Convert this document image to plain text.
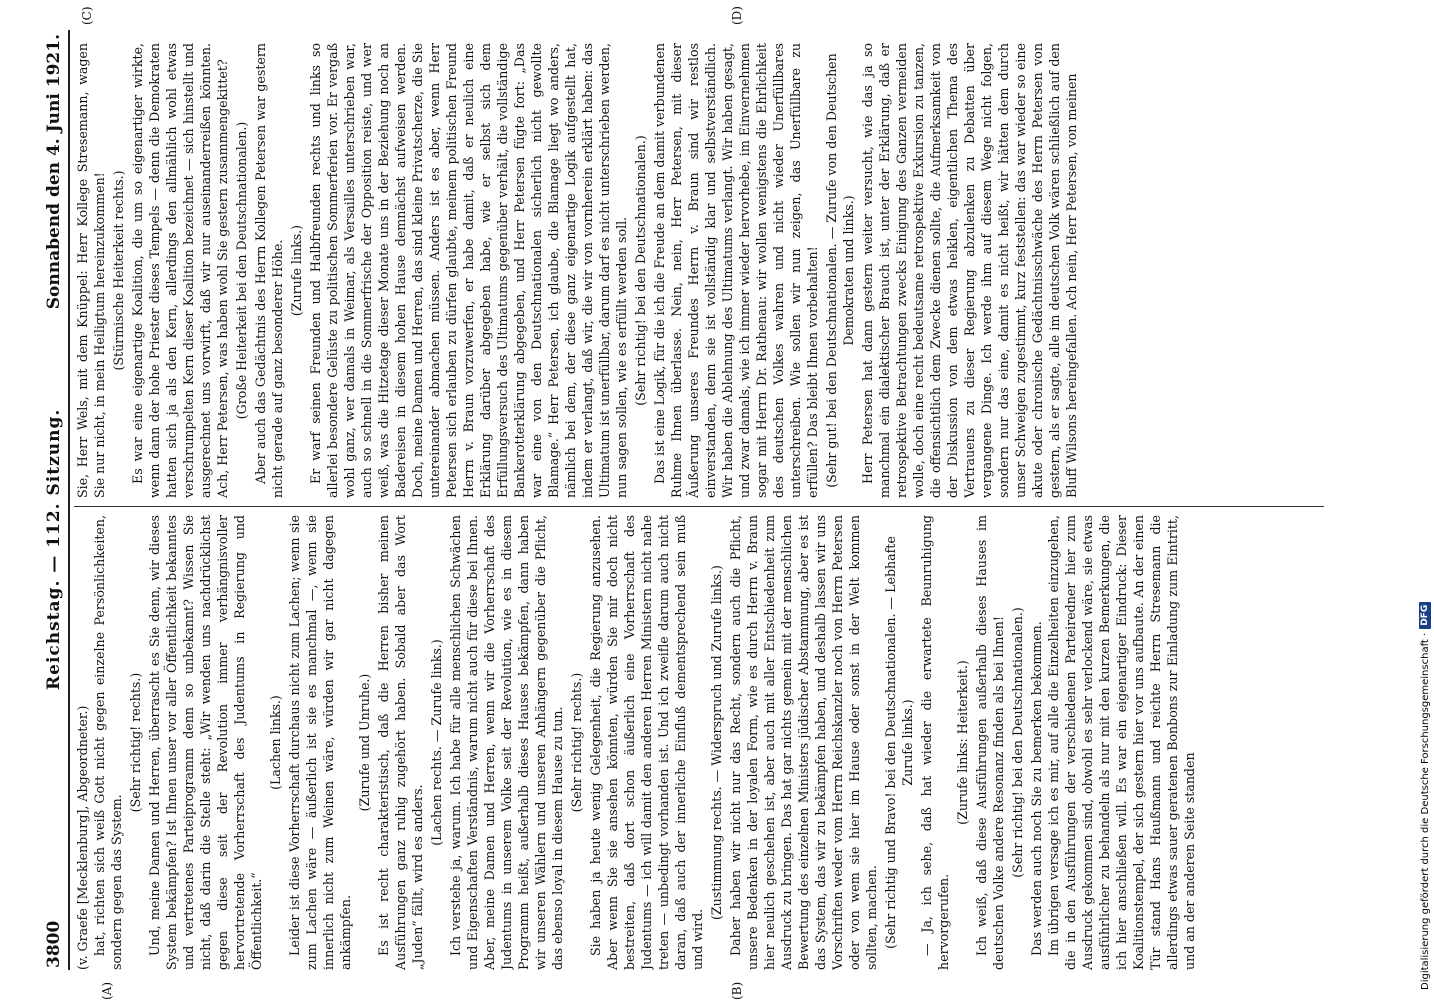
3800
Reichstag. — 112. Sitzung.
Sonnabend den 4. Juni 1921.
(A)	(B)
(C)	(D)

(v. Graefe [Mecklenburg], Abgeordneter.) hat, richten sich weiß Gott nicht gegen einzelne Persönlichkeiten, sondern gegen das System.

(Sehr richtig! rechts.) Und, meine Damen und Herren, überrascht es Sie denn, wir dieses System bekämpfen? Ist Ihnen unser vor aller Öffentlichkeit bekanntes und vertretenes Parteiprogramm denn so unbekannt? Wissen Sie nicht, daß darin die Stelle steht: „Wir wenden uns nachdrücklichst gegen diese seit der Revolution immer verhängnisvoller hervortretende Vorherrschaft des Judentums in Regierung und Öffentlichkeit.“

(Lachen links.) Leider ist diese Vorherrschaft durchaus nicht zum Lachen; wenn sie zum Lachen wäre — äußerlich ist sie es manchmal —, wenn sie innerlich nicht zum Weinen wäre, würden wir gar nicht dagegen ankämpfen.

(Zurufe und Unruhe.) Es ist recht charakteristisch, daß die Herren bisher meinen Ausführungen ganz ruhig zugehört haben. Sobald aber das Wort „Juden“ fällt, wird es anders.

(Lachen rechts. — Zurufe links.) Ich verstehe ja, warum. Ich habe für alle menschlichen Schwächen und Eigenschaften Verständnis, warum nicht auch für diese bei Ihnen. Aber, meine Damen und Herren, wenn wir die Vorherrschaft des Judentums in unserem Volke seit der Revolution, wie es in diesem Programm heißt, außerhalb dieses Hauses bekämpfen, dann haben wir unseren Wählern und unseren Anhängern gegenüber die Pflicht, das ebenso loyal in diesem Hause zu tun. (Sehr richtig! rechts.) Sie haben ja heute wenig Gelegenheit, die Regierung anzusehen. Aber wenn Sie sie ansehen könnten, würden Sie mir doch nicht bestreiten, daß dort schon äußerlich eine Vorherrschaft des Judentums — ich will damit den anderen Herren Ministern nicht nahe treten — unbedingt vorhanden ist. Und ich zweifle darum auch nicht daran, daß auch der innerliche Einfluß dementsprechend sein muß und wird.

(Zustimmung rechts. — Widerspruch und Zurufe links.) Daher haben wir nicht nur das Recht, sondern auch die Pflicht, unsere Bedenken in der loyalen Form, wie es durch Herrn v. Braun hier neulich geschehen ist, aber auch mit aller Entschiedenheit zum Ausdruck zu bringen. Das hat gar nichts gemein mit der menschlichen Bewertung des einzelnen Ministers jüdischer Abstammung, aber es ist das System, das wir zu bekämpfen haben, und deshalb lassen wir uns Vorschriften weder vom Herrn Reichskanzler noch von Herrn Petersen oder von wem sie hier im Hause oder sonst in der Welt kommen sollten, machen. (Sehr richtig und Bravo! bei den Deutschnationalen. — Lebhafte Zurufe links.) — Ja, ich sehe, daß hat wieder die erwartete Beunruhigung hervorgerufen.

(Zurufe links: Heiterkeit.) Ich weiß, daß diese Ausführungen außerhalb dieses Hauses im deutschen Volke andere Resonanz finden als bei Ihnen! (Sehr richtig! bei den Deutschnationalen.) Das werden auch noch Sie zu bemerken bekommen. Im übrigen versage ich es mir, auf alle die Einzelheiten einzugehen, die in den Ausführungen der verschiedenen Parteiredner hier zum Ausdruck gekommen sind, obwohl es sehr verlockend wäre, sie etwas ausführlicher zu behandeln als nur mit den kurzen Bemerkungen, die ich hier anschließen will. Es war ein eigenartiger Eindruck: Dieser Koalitionstempel, der sich gestern hier vor uns aufbaute. An der einen Tür stand Hans Haußmann und reichte Herrn Stresemann die allerdings etwas sauer geratenen Bonbons zur Einladung zum Eintritt, und an der anderen Seite standen

Sie, Herr Wels, mit dem Knüppel: Herr Kollege Stresemann, wagen Sie nur nicht, in mein Heiligtum hereinzukommen! (Stürmische Heiterkeit rechts.) Es war eine eigenartige Koalition, die um so eigenartiger wirkte, wenn dann der hohe Priester dieses Tempels — denn die Demokraten hatten sich ja als den Kern, allerdings den allmählich wohl etwas verschrumpelten Kern dieser Koalition bezeichnet — sich hinstellt und ausgerechnet uns vorwirft, daß wir nur auseinanderreißen könnten. Ach, Herr Petersen, was haben wohl Sie gestern zusammengekittet? (Große Heiterkeit bei den Deutschnationalen.) Aber auch das Gedächtnis des Herrn Kollegen Petersen war gestern nicht gerade auf ganz besonderer Höhe. (Zurufe links.) Er warf seinen Freunden und Halbfreunden rechts und links so allerlei besondere Gelüste zu politischen Sommerferien vor. Er vergaß wohl ganz, wer damals in Weimar, als Versailles unterschrieben war, auch so schnell in die Sommerfrische der Opposition reiste, und wer weiß, was die Hitzetage dieser Monate uns in der Beziehung noch an Badereisen in diesem hohen Hause demnächst aufweisen werden. Doch, meine Damen und Herren, das sind kleine Privatscherze, die Sie untereinander abmachen müssen. Anders ist es aber, wenn Herr Petersen sich erlauben zu dürfen glaubte, meinem politischen Freund Herrn v. Braun vorzuwerfen, er habe damit, daß er neulich eine Erklärung darüber abgegeben habe, wie er selbst sich dem Erfüllungsversuch des Ultimatums gegenüber verhält, die vollständige Bankerotterklärung abgegeben, und Herr Petersen fügte fort: „Das war eine von den Deutschnationalen sicherlich nicht gewollte Blamage.“ Herr Petersen, ich glaube, die Blamage liegt wo anders, nämlich bei dem, der diese ganz eigenartige Logik aufgestellt hat, indem er verlangt, daß wir, die wir von vornherein erklärt haben: das Ultimatum ist unerfüllbar, darum darf es nicht unterschrieben werden, nun sagen sollen, wie es erfüllt werden soll. (Sehr richtig! bei den Deutschnationalen.) Das ist eine Logik, für die ich die Freude an dem damit verbundenen Ruhme Ihnen überlasse. Nein, nein, Herr Petersen, mit dieser Äußerung unseres Freundes Herrn v. Braun sind wir restlos einverstanden, denn sie ist vollständig klar und selbstverständlich. Wir haben die Ablehnung des Ultimatums verlangt. Wir haben gesagt, und zwar damals, wie ich immer wieder hervorhebe, im Einvernehmen sogar mit Herrn Dr. Rathenau: wir wollen wenigstens die Ehrlichkeit des deutschen Volkes wahren und nicht wieder Unerfüllbares unterschreiben. Wie sollen wir nun zeigen, das Unerfüllbare zu erfüllen? Das bleibt Ihnen vorbehalten! (Sehr gut! bei den Deutschnationalen. — Zurufe von den Deutschen Demokraten und links.) Herr Petersen hat dann gestern weiter versucht, wie das ja so manchmal ein dialektischer Brauch ist, unter der Erklärung, daß er retrospektive Betrachtungen zwecks Einigung des Ganzen vermeiden wolle, doch eine recht bedeutsame retrospektive Exkursion zu tanzen, die offensichtlich dem Zwecke dienen sollte, die Aufmerksamkeit von der Diskussion von dem etwas heiklen, eigentlichen Thema des Vertrauens zu dieser Regierung abzulenken zu Debatten über vergangene Dinge. Ich werde ihm auf diesem Wege nicht folgen, sondern nur das eine, damit es nicht heißt, wir hätten dem durch unser Schweigen zugestimmt, kurz feststellen: das war wieder so eine akute oder chronische Gedächtnisschwäche des Herrn Petersen von gestern, als er sagte, alle im deutschen Volk wären schließlich auf den Bluff Wilsons hereingefallen. Ach nein, Herr Petersen, von meinen

Digitalisierung gefördert durch die Deutsche Forschungsgemeinschaft ·
DFG
